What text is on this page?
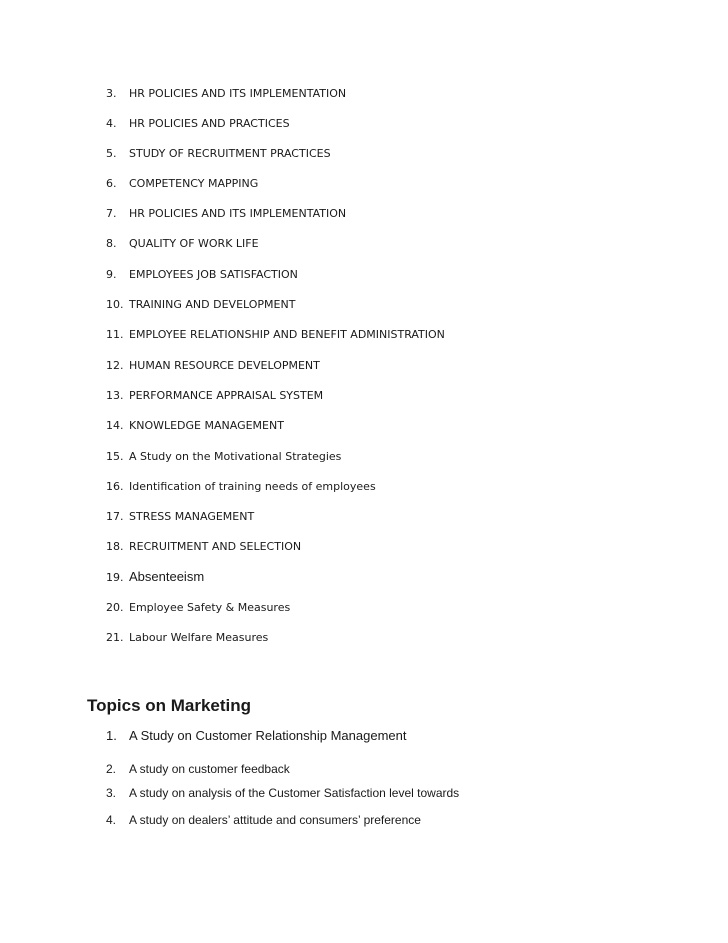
3. HR POLICIES AND ITS IMPLEMENTATION
4. HR POLICIES AND PRACTICES
5. STUDY OF RECRUITMENT PRACTICES
6. COMPETENCY MAPPING
7. HR POLICIES AND ITS IMPLEMENTATION
8. QUALITY OF WORK LIFE
9. EMPLOYEES JOB SATISFACTION
10. TRAINING AND DEVELOPMENT
11. EMPLOYEE RELATIONSHIP AND BENEFIT ADMINISTRATION
12. HUMAN RESOURCE DEVELOPMENT
13. PERFORMANCE APPRAISAL SYSTEM
14. KNOWLEDGE MANAGEMENT
15. A Study on the Motivational Strategies
16. Identification of training needs of employees
17. STRESS MANAGEMENT
18. RECRUITMENT AND SELECTION
19. Absenteeism
20. Employee Safety & Measures
21. Labour Welfare Measures
Topics on Marketing
1. A Study on Customer Relationship Management
2. A study on customer feedback
3. A study on analysis of the Customer Satisfaction level towards
4. A study on dealers’ attitude and consumers’ preference
